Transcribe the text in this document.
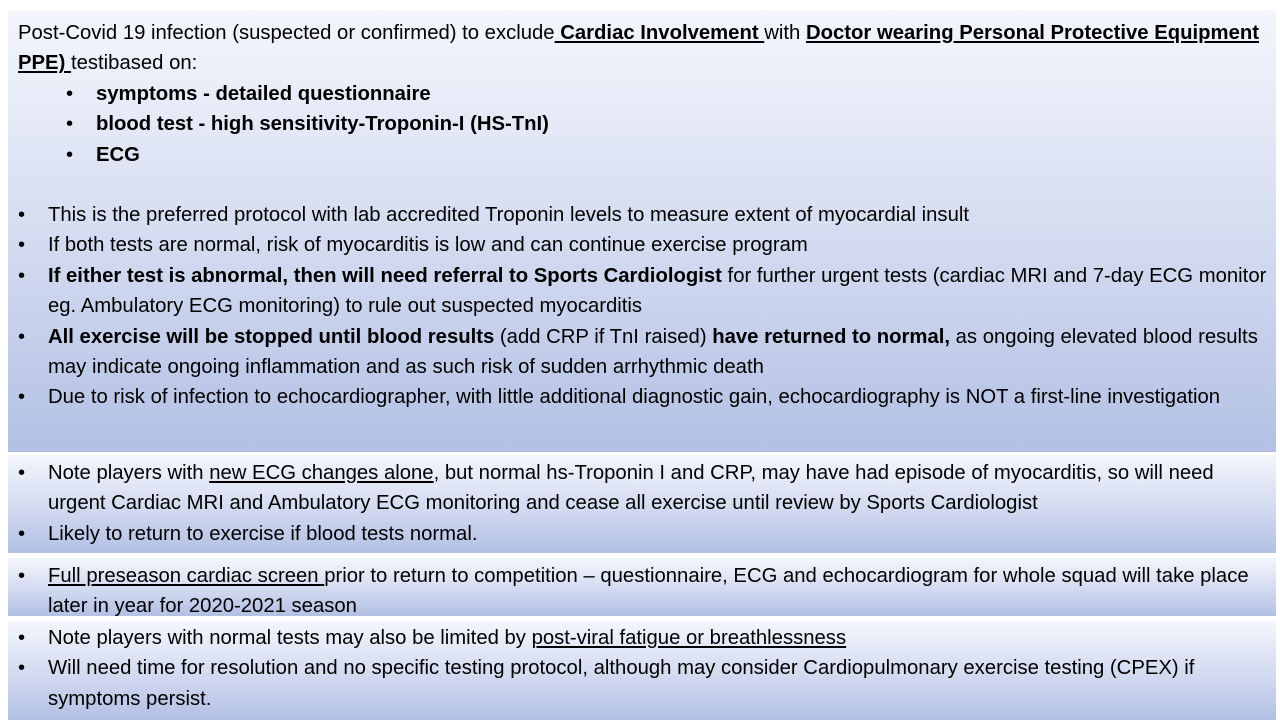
Post-Covid 19 infection (suspected or confirmed) to exclude Cardiac Involvement with Doctor wearing Personal Protective Equipment PPE) testibased on:

• symptoms - detailed questionnaire
• blood test - high sensitivity-Troponin-I (HS-TnI)
• ECG
• This is the preferred protocol with lab accredited Troponin levels to measure extent of myocardial insult
• If both tests are normal, risk of myocarditis is low and can continue exercise program
• If either test is abnormal, then will need referral to Sports Cardiologist for further urgent tests (cardiac MRI and 7-day ECG monitor eg. Ambulatory ECG monitoring) to rule out suspected myocarditis
• All exercise will be stopped until blood results (add CRP if TnI raised) have returned to normal, as ongoing elevated blood results may indicate ongoing inflammation and as such risk of sudden arrhythmic death
• Due to risk of infection to echocardiographer, with little additional diagnostic gain, echocardiography is NOT a first-line investigation
• Note players with new ECG changes alone, but normal hs-Troponin I and CRP, may have had episode of myocarditis, so will need urgent Cardiac MRI and Ambulatory ECG monitoring and cease all exercise until review by Sports Cardiologist
• Likely to return to exercise if blood tests normal.
• Full preseason cardiac screen prior to return to competition – questionnaire, ECG and echocardiogram for whole squad will take place later in year for 2020-2021 season
• Note players with normal tests may also be limited by post-viral fatigue or breathlessness
• Will need time for resolution and no specific testing protocol, although may consider Cardiopulmonary exercise testing (CPEX) if symptoms persist.
